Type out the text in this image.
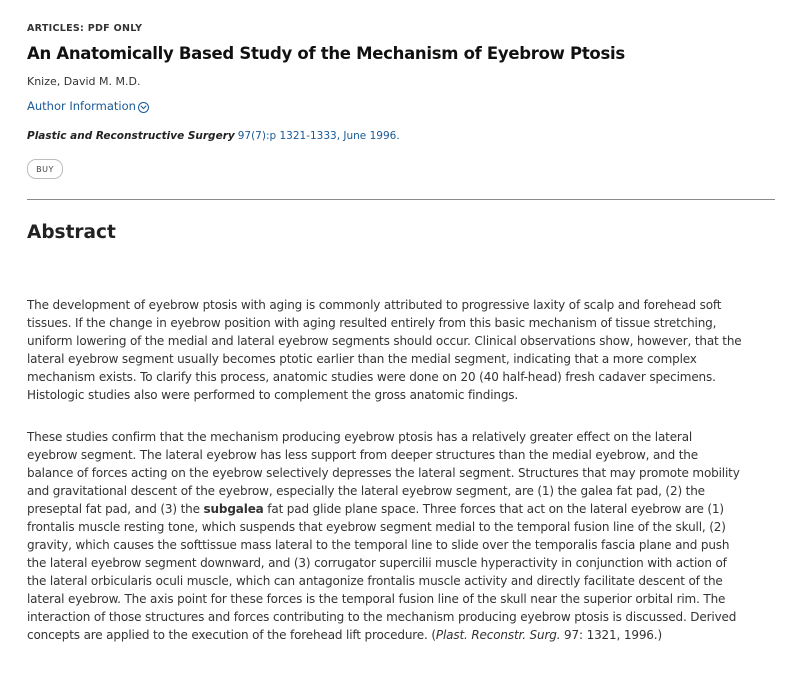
ARTICLES: PDF ONLY
An Anatomically Based Study of the Mechanism of Eyebrow Ptosis
Knize, David M. M.D.
Author Information
Plastic and Reconstructive Surgery 97(7):p 1321-1333, June 1996.
BUY
Abstract
The development of eyebrow ptosis with aging is commonly attributed to progressive laxity of scalp and forehead soft
tissues. If the change in eyebrow position with aging resulted entirely from this basic mechanism of tissue stretching,
uniform lowering of the medial and lateral eyebrow segments should occur. Clinical observations show, however, that the
lateral eyebrow segment usually becomes ptotic earlier than the medial segment, indicating that a more complex
mechanism exists. To clarify this process, anatomic studies were done on 20 (40 half-head) fresh cadaver specimens.
Histologic studies also were performed to complement the gross anatomic findings.
These studies confirm that the mechanism producing eyebrow ptosis has a relatively greater effect on the lateral
eyebrow segment. The lateral eyebrow has less support from deeper structures than the medial eyebrow, and the
balance of forces acting on the eyebrow selectively depresses the lateral segment. Structures that may promote mobility
and gravitational descent of the eyebrow, especially the lateral eyebrow segment, are (1) the galea fat pad, (2) the
preseptal fat pad, and (3) the subgalea fat pad glide plane space. Three forces that act on the lateral eyebrow are (1)
frontalis muscle resting tone, which suspends that eyebrow segment medial to the temporal fusion line of the skull, (2)
gravity, which causes the softtissue mass lateral to the temporal line to slide over the temporalis fascia plane and push
the lateral eyebrow segment downward, and (3) corrugator supercilii muscle hyperactivity in conjunction with action of
the lateral orbicularis oculi muscle, which can antagonize frontalis muscle activity and directly facilitate descent of the
lateral eyebrow. The axis point for these forces is the temporal fusion line of the skull near the superior orbital rim. The
interaction of those structures and forces contributing to the mechanism producing eyebrow ptosis is discussed. Derived
concepts are applied to the execution of the forehead lift procedure. (Plast. Reconstr. Surg. 97: 1321, 1996.)
